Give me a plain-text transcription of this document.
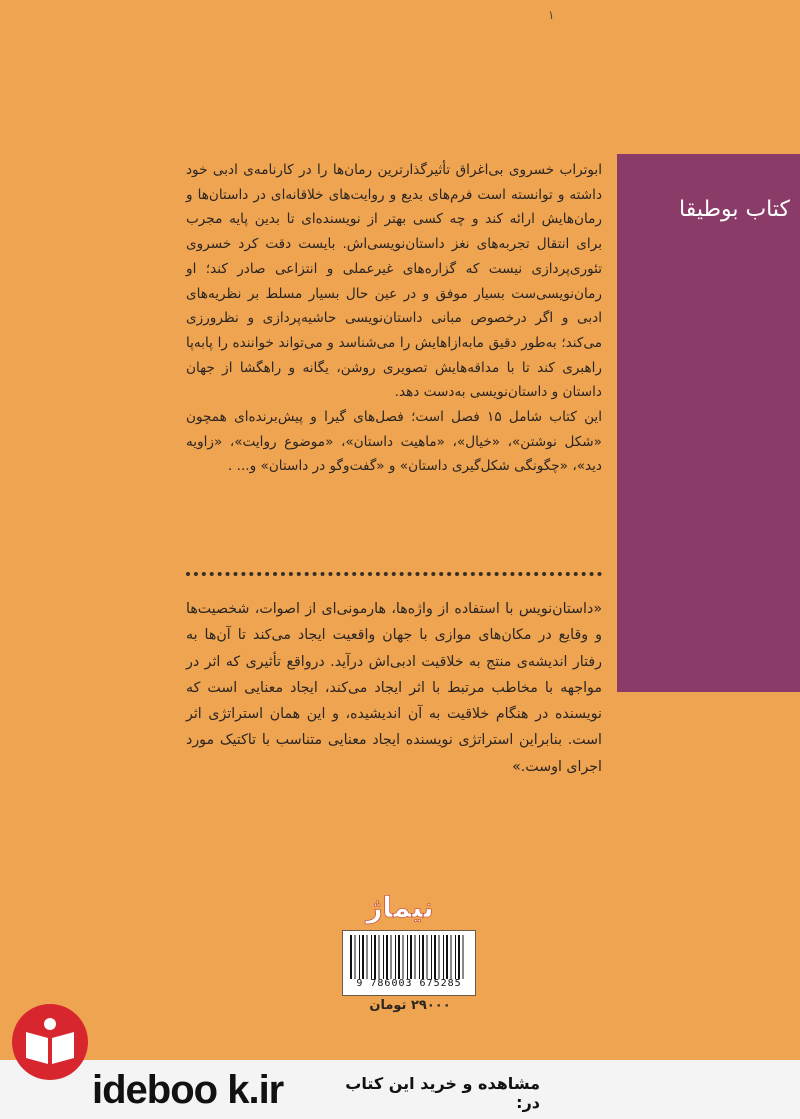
۱
کتاب بوطیقا

ابوتراب خسروی بی‌اغراق تأثیرگذارترین رمان‌ها را در کارنامه‌ی ادبی خود داشته و توانسته است فرم‌های بدیع و روایت‌های خلاقانه‌ای در داستان‌ها و رمان‌هایش ارائه کند و چه کسی بهتر از نویسنده‌ای تا بدین پایه مجرب برای انتقال تجربه‌های نغز داستان‌نویسی‌اش. بایست دقت کرد خسروی تئوری‌پردازی نیست که گزاره‌های غیرعملی و انتزاعی صادر کند؛ او رمان‌نویسی‌ست بسیار موفق و در عین حال بسیار مسلط بر نظریه‌های ادبی و اگر درخصوص مبانی داستان‌نویسی حاشیه‌پردازی و نظرورزی می‌کند؛ به‌طور دقیق مابه‌ازاهایش را می‌شناسد و می‌تواند خواننده را پابه‌پا راهبری کند تا با مداقه‌هایش تصویری روشن، یگانه و راهگشا از جهان داستان و داستان‌نویسی به‌دست دهد.

این کتاب شامل ۱۵ فصل است؛ فصل‌های گیرا و پیش‌برنده‌ای همچون «شکل نوشتن»، «خیال»، «ماهیت داستان»، «موضوع روایت»، «زاویه دید»، «چگونگی شکل‌گیری داستان» و «گفت‌وگو در داستان» و... .

«داستان‌نویس با استفاده از واژه‌ها، هارمونی‌ای از اصوات، شخصیت‌ها و وقایع در مکان‌های موازی با جهان واقعیت ایجاد می‌کند تا آن‌ها به رفتار اندیشه‌ی منتج به خلاقیت ادبی‌اش درآید. درواقع تأثیری که اثر در مواجهه با مخاطب مرتبط با اثر ایجاد می‌کند، ایجاد معنایی است که نویسنده در هنگام خلاقیت به آن اندیشیده، و این همان استراتژی اثر است. بنابراین استراتژی نویسنده ایجاد معنایی متناسب با تاکتیک مورد اجرای اوست.»
نیماژ
9 786003 675285
۲۹۰۰۰ تومان
ideboo k.ir	مشاهده و خرید این کتاب در:
